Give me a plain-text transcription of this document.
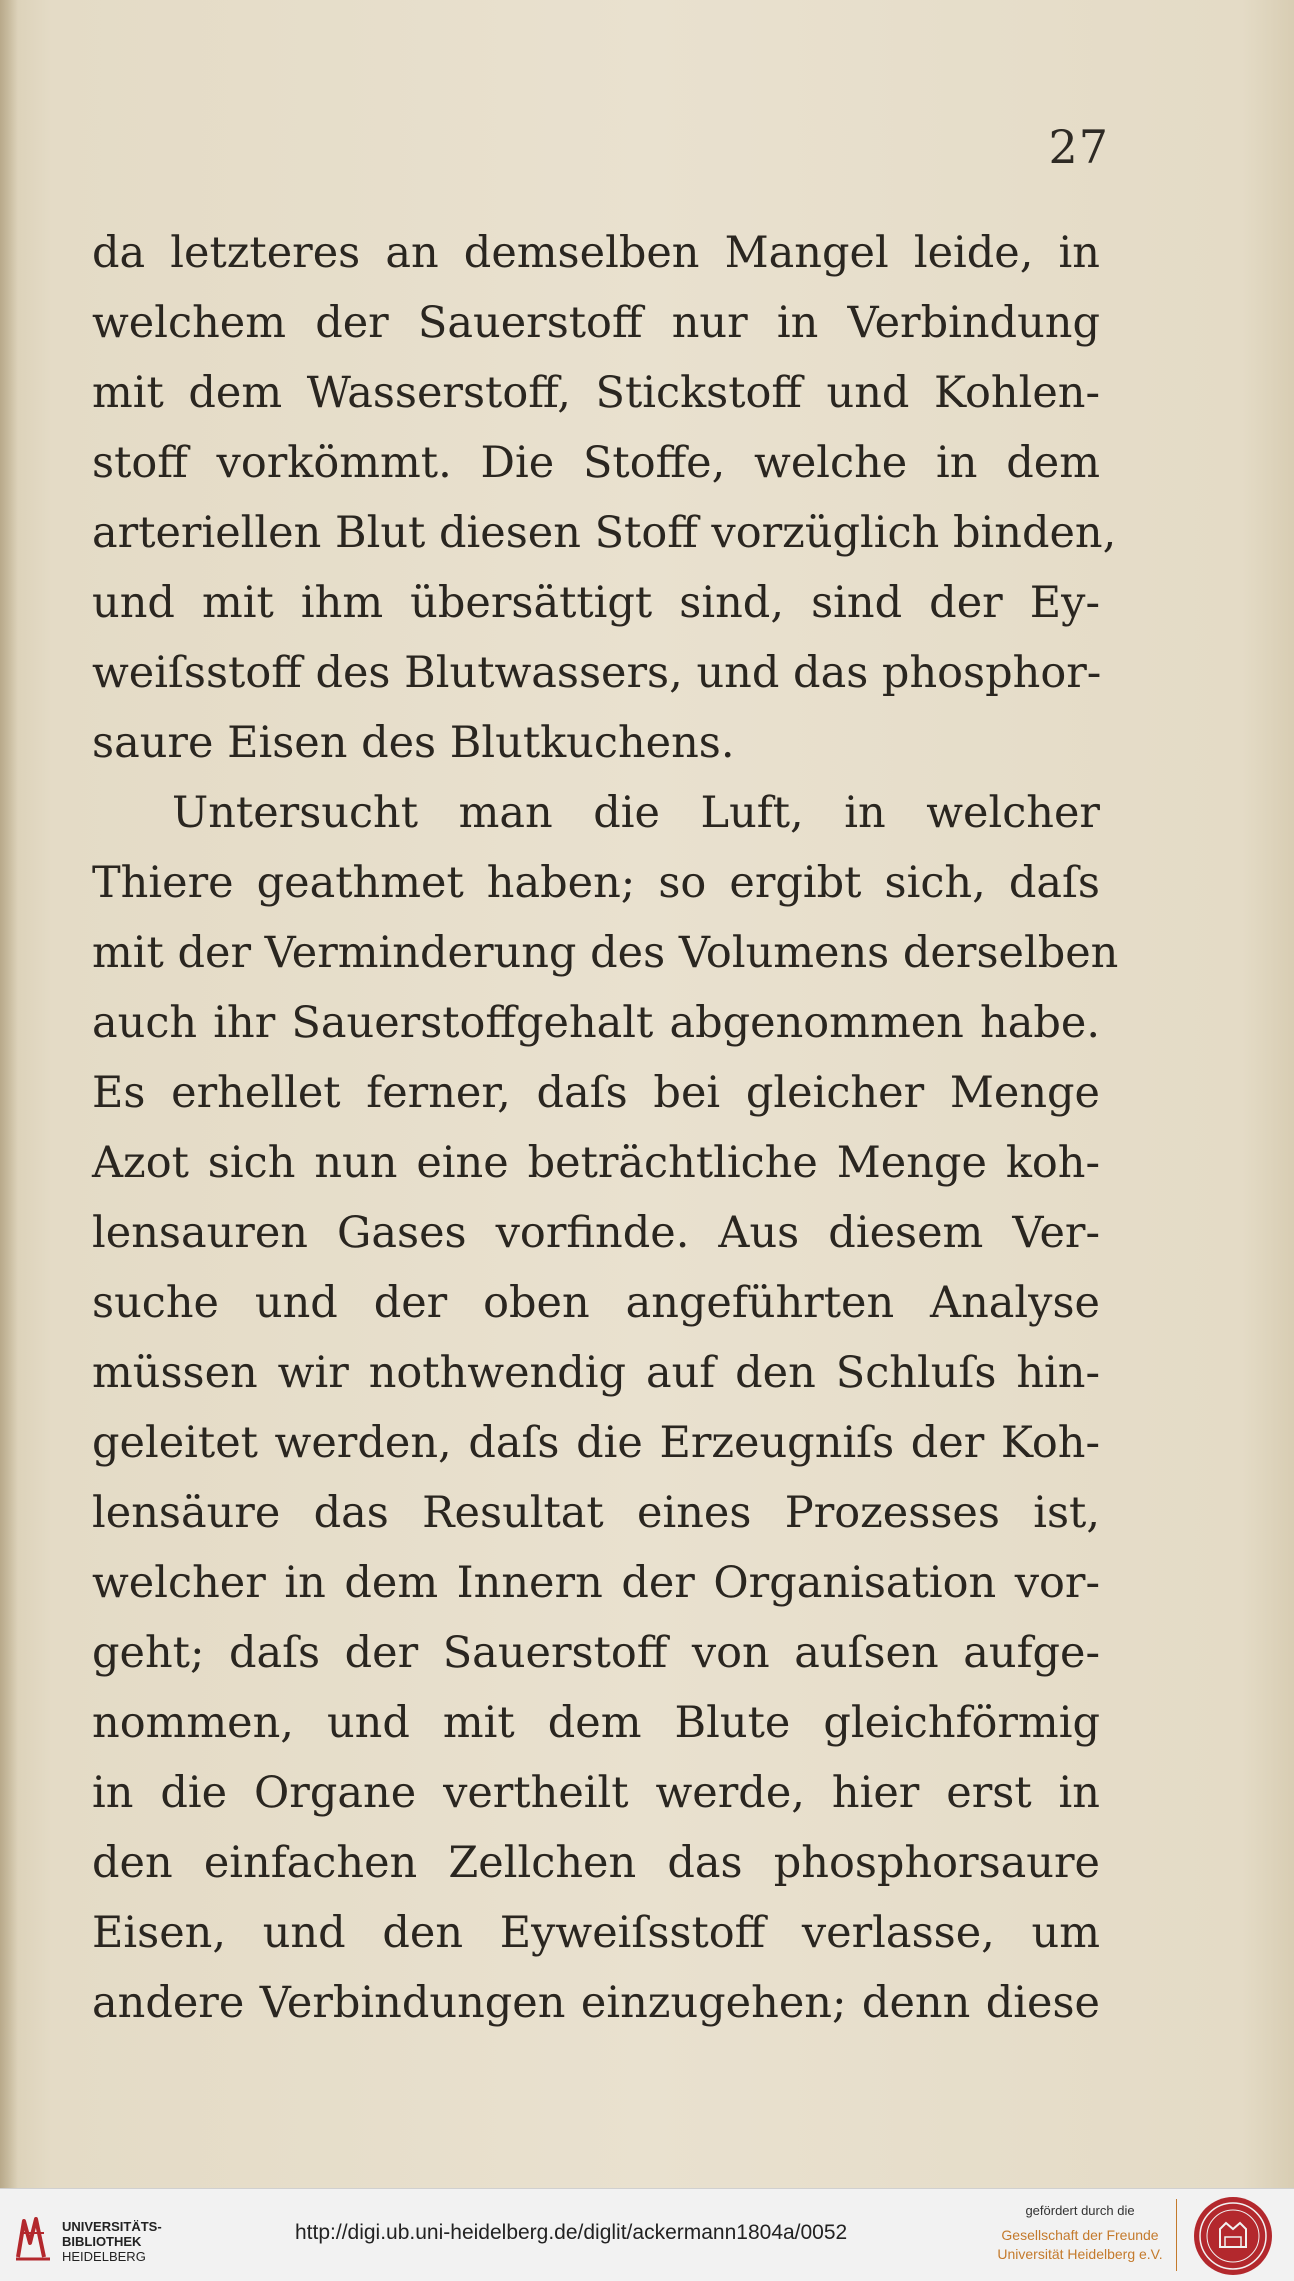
27
da letzteres an demselben Mangel leide, in
welchem der Sauerstoff nur in Verbindung
mit dem Wasserstoff, Stickstoff und Kohlen-
stoff vorkömmt. Die Stoffe, welche in dem
arteriellen Blut diesen Stoff vorzüglich binden,
und mit ihm übersättigt sind, sind der Ey-
weiſsstoff des Blutwassers, und das phosphor-
saure Eisen des Blutkuchens.
Untersucht man die Luft, in welcher
Thiere geathmet haben; so ergibt sich, daſs
mit der Verminderung des Volumens derselben
auch ihr Sauerstoffgehalt abgenommen habe.
Es erhellet ferner, daſs bei gleicher Menge
Azot sich nun eine beträchtliche Menge koh-
lensauren Gases vorfinde. Aus diesem Ver-
suche und der oben angeführten Analyse
müssen wir nothwendig auf den Schluſs hin-
geleitet werden, daſs die Erzeugniſs der Koh-
lensäure das Resultat eines Prozesses ist,
welcher in dem Innern der Organisation vor-
geht; daſs der Sauerstoff von auſsen aufge-
nommen, und mit dem Blute gleichförmig
in die Organe vertheilt werde, hier erst in
den einfachen Zellchen das phosphorsaure
Eisen, und den Eyweiſsstoff verlasse, um
andere Verbindungen einzugehen; denn diese
UNIVERSITÄTS-
BIBLIOTHEK
HEIDELBERG
http://digi.ub.uni-heidelberg.de/diglit/ackermann1804a/0052
gefördert durch die
Gesellschaft der Freunde
Universität Heidelberg e.V.
